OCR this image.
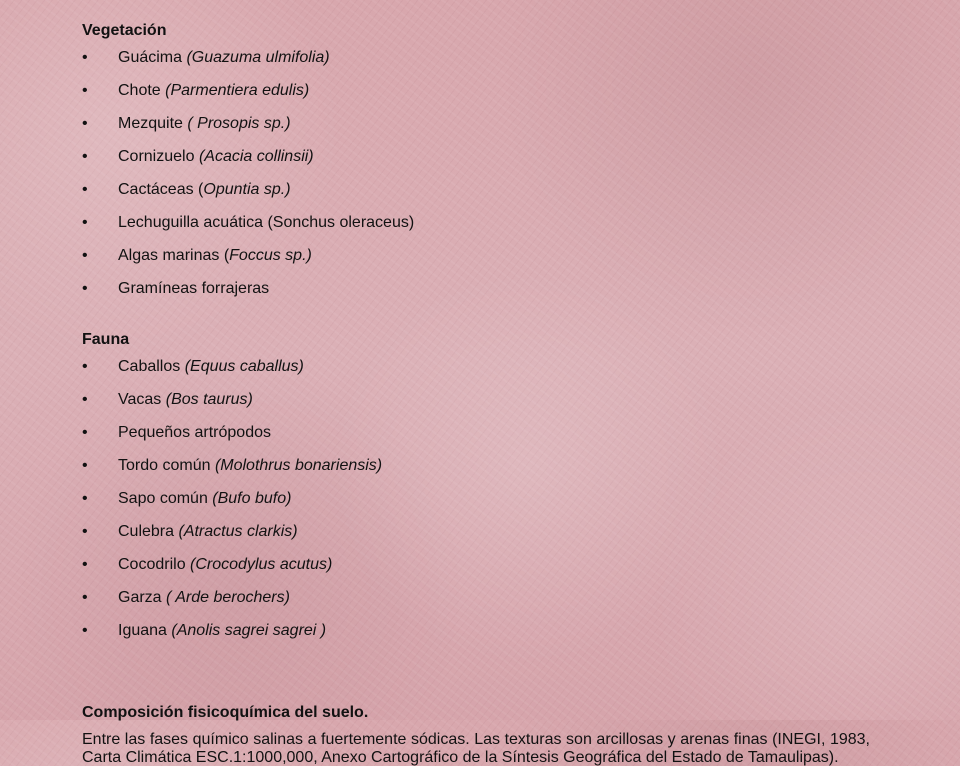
Vegetación
• Guácima (Guazuma ulmifolia)
• Chote (Parmentiera edulis)
• Mezquite ( Prosopis sp.)
• Cornizuelo (Acacia collinsii)
• Cactáceas (Opuntia sp.)
• Lechuguilla acuática (Sonchus oleraceus)
• Algas marinas (Foccus sp.)
• Gramíneas forrajeras
Fauna
• Caballos (Equus caballus)
• Vacas (Bos taurus)
• Pequeños artrópodos
• Tordo común (Molothrus bonariensis)
• Sapo común (Bufo bufo)
• Culebra (Atractus clarkis)
• Cocodrilo (Crocodylus acutus)
• Garza ( Arde berochers)
• Iguana (Anolis sagrei sagrei )
Composición fisicoquímica del suelo.

Entre las fases químico salinas a fuertemente sódicas. Las texturas son arcillosas y arenas finas (INEGI, 1983, Carta Climática ESC.1:1000,000, Anexo Cartográfico de la Síntesis Geográfica del Estado de Tamaulipas).
